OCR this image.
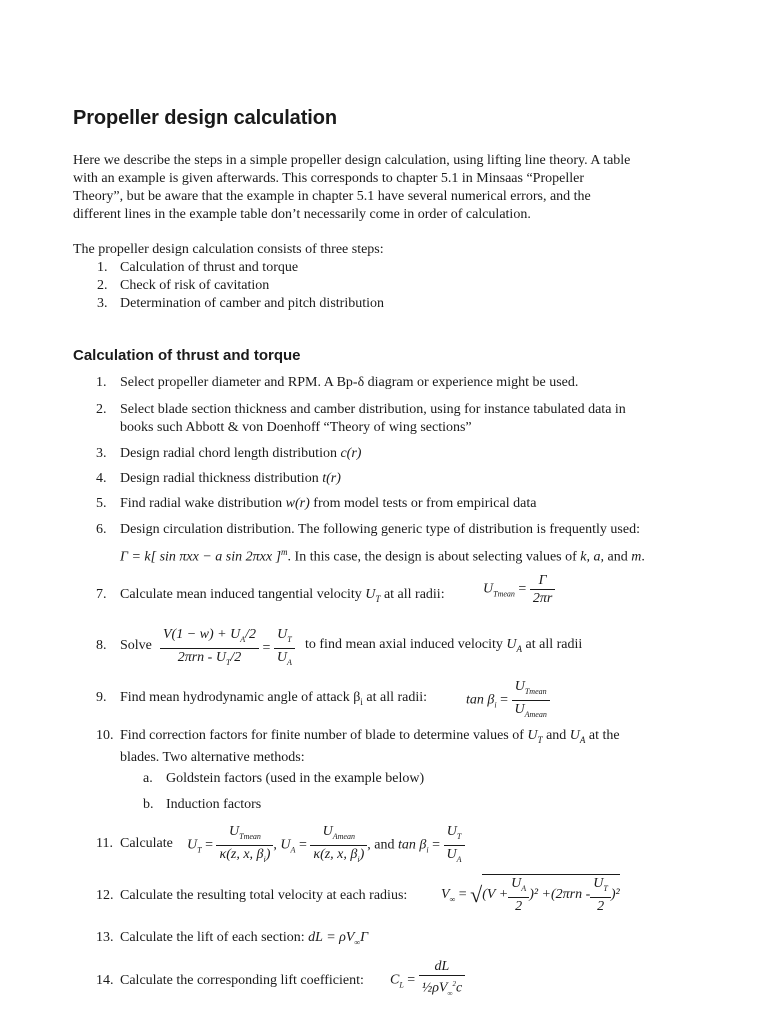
Propeller design calculation
Here we describe the steps in a simple propeller design calculation, using lifting line theory. A table
with an example is given afterwards. This corresponds to chapter 5.1 in Minsaas “Propeller
Theory”, but be aware that the example in chapter 5.1 have several numerical errors, and the
different lines in the example table don’t necessarily come in order of calculation.
The propeller design calculation consists of three steps:
1. Calculation of thrust and torque
2. Check of risk of cavitation
3. Determination of camber and pitch distribution
Calculation of thrust and torque
1. Select propeller diameter and RPM. A Bp-δ diagram or experience might be used.
2. Select blade section thickness and camber distribution, using for instance tabulated data in
books such Abbott & von Doenhoff “Theory of wing sections”
3. Design radial chord length distribution c(r)
4. Design radial thickness distribution t(r)
5. Find radial wake distribution w(r) from model tests or from empirical data
6. Design circulation distribution. The following generic type of distribution is frequently used:
Γ = k[ sin πxx − a sin 2πxx ]$^m$. In this case, the design is about selecting values of k, a, and m.
7. Calculate mean induced tangential velocity $U_T$ at all radii:	$U_{Tmean} = \frac{\Gamma}{2\pi r}$
8. Solve $\frac{V(1 - w) + U_A/2}{2\pi rn - U_T/2} = \frac{U_T}{U_A}$ to find mean axial induced velocity $U_A$ at all radii
9. Find mean hydrodynamic angle of attack $\beta_i$ at all radii:	$\tan \beta_i = \frac{U_{Tmean}}{U_{Amean}}$
10. Find correction factors for finite number of blade to determine values of $U_T$ and $U_A$ at the
blades. Two alternative methods:
a. Goldstein factors (used in the example below)
b. Induction factors
11. Calculate	$U_T = \frac{U_{Tmean}}{\kappa(z, x, \beta_i)}$ , $U_A = \frac{U_{Amean}}{\kappa(z, x, \beta_i)}$ , and $\tan \beta_i = \frac{U_T}{U_A}$
12. Calculate the resulting total velocity at each radius:	$V_\infty = √(V + \frac{U_A}{2} )^2 +(2\pi rn - \frac{U_T}{2} )^2$
13. Calculate the lift of each section: dL = $\rho V_\infty\Gamma$
14. Calculate the corresponding lift coefficient:	$C_L = \frac{dL}{\frac{1}{2}\rho V_\infty^2c}$
